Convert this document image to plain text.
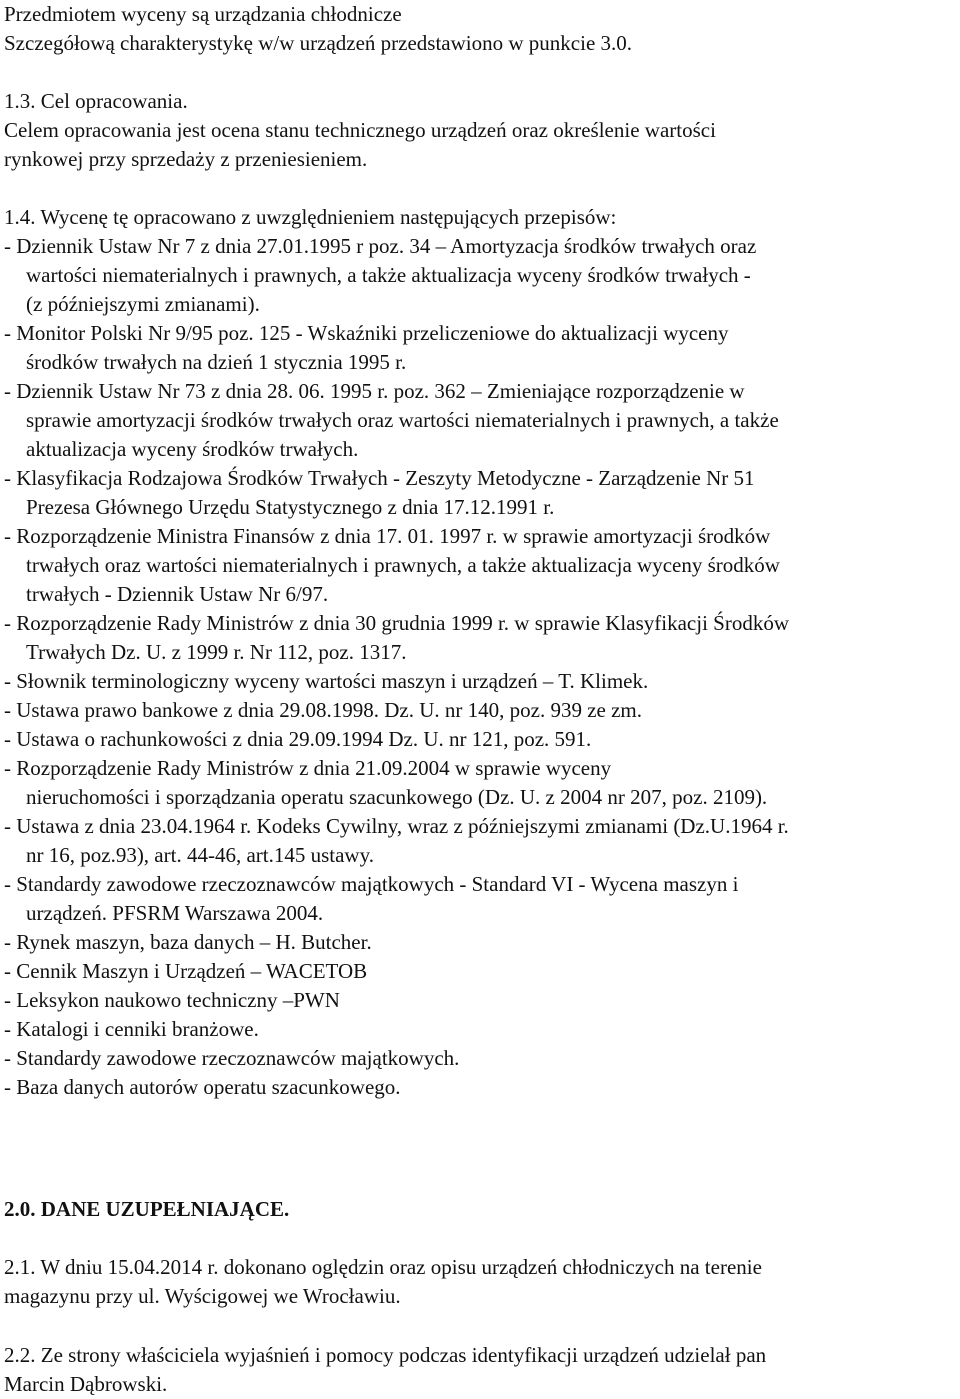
Przedmiotem wyceny są urządzania chłodnicze
Szczegółową charakterystykę w/w urządzeń przedstawiono w punkcie 3.0.
1.3. Cel opracowania.
Celem opracowania jest ocena stanu technicznego urządzeń oraz określenie wartości
rynkowej przy sprzedaży z przeniesieniem.
1.4. Wycenę tę opracowano z uwzględnieniem następujących przepisów:
- Dziennik Ustaw Nr 7 z dnia 27.01.1995 r poz. 34 – Amortyzacja środków trwałych oraz
wartości niematerialnych i prawnych, a także aktualizacja wyceny środków trwałych -
(z późniejszymi zmianami).
- Monitor Polski Nr 9/95 poz. 125 - Wskaźniki przeliczeniowe do aktualizacji wyceny
środków trwałych na dzień 1 stycznia 1995 r.
- Dziennik Ustaw Nr 73 z dnia 28. 06. 1995 r. poz. 362 – Zmieniające rozporządzenie w
sprawie amortyzacji środków trwałych oraz wartości niematerialnych i prawnych, a także
aktualizacja wyceny środków trwałych.
- Klasyfikacja Rodzajowa Środków Trwałych - Zeszyty Metodyczne - Zarządzenie Nr 51
Prezesa Głównego Urzędu Statystycznego z dnia 17.12.1991 r.
- Rozporządzenie Ministra Finansów z dnia 17. 01. 1997 r. w sprawie amortyzacji środków
trwałych oraz wartości niematerialnych i prawnych, a także aktualizacja wyceny środków
trwałych - Dziennik Ustaw Nr 6/97.
- Rozporządzenie Rady Ministrów z dnia 30 grudnia 1999 r. w sprawie Klasyfikacji Środków
Trwałych Dz. U. z 1999 r. Nr 112, poz. 1317.
- Słownik terminologiczny wyceny wartości maszyn i urządzeń – T. Klimek.
- Ustawa prawo bankowe z dnia 29.08.1998. Dz. U. nr 140, poz. 939 ze zm.
- Ustawa o rachunkowości z dnia 29.09.1994 Dz. U. nr 121, poz. 591.
- Rozporządzenie Rady Ministrów z dnia 21.09.2004 w sprawie wyceny
nieruchomości i sporządzania operatu szacunkowego (Dz. U. z 2004 nr 207, poz. 2109).
- Ustawa z dnia 23.04.1964 r. Kodeks Cywilny, wraz z późniejszymi zmianami (Dz.U.1964 r.
nr 16, poz.93), art. 44-46, art.145 ustawy.
- Standardy zawodowe rzeczoznawców majątkowych - Standard VI - Wycena maszyn i
urządzeń. PFSRM Warszawa 2004.
- Rynek maszyn, baza danych – H. Butcher.
- Cennik Maszyn i Urządzeń – WACETOB
- Leksykon naukowo techniczny –PWN
- Katalogi i cenniki branżowe.
- Standardy zawodowe rzeczoznawców majątkowych.
- Baza danych autorów operatu szacunkowego.
2.0. DANE UZUPEŁNIAJĄCE.
2.1. W dniu 15.04.2014 r. dokonano oględzin oraz opisu urządzeń chłodniczych na terenie
magazynu przy ul. Wyścigowej we Wrocławiu.
2.2. Ze strony właściciela wyjaśnień i pomocy podczas identyfikacji urządzeń udzielał pan
Marcin Dąbrowski.
